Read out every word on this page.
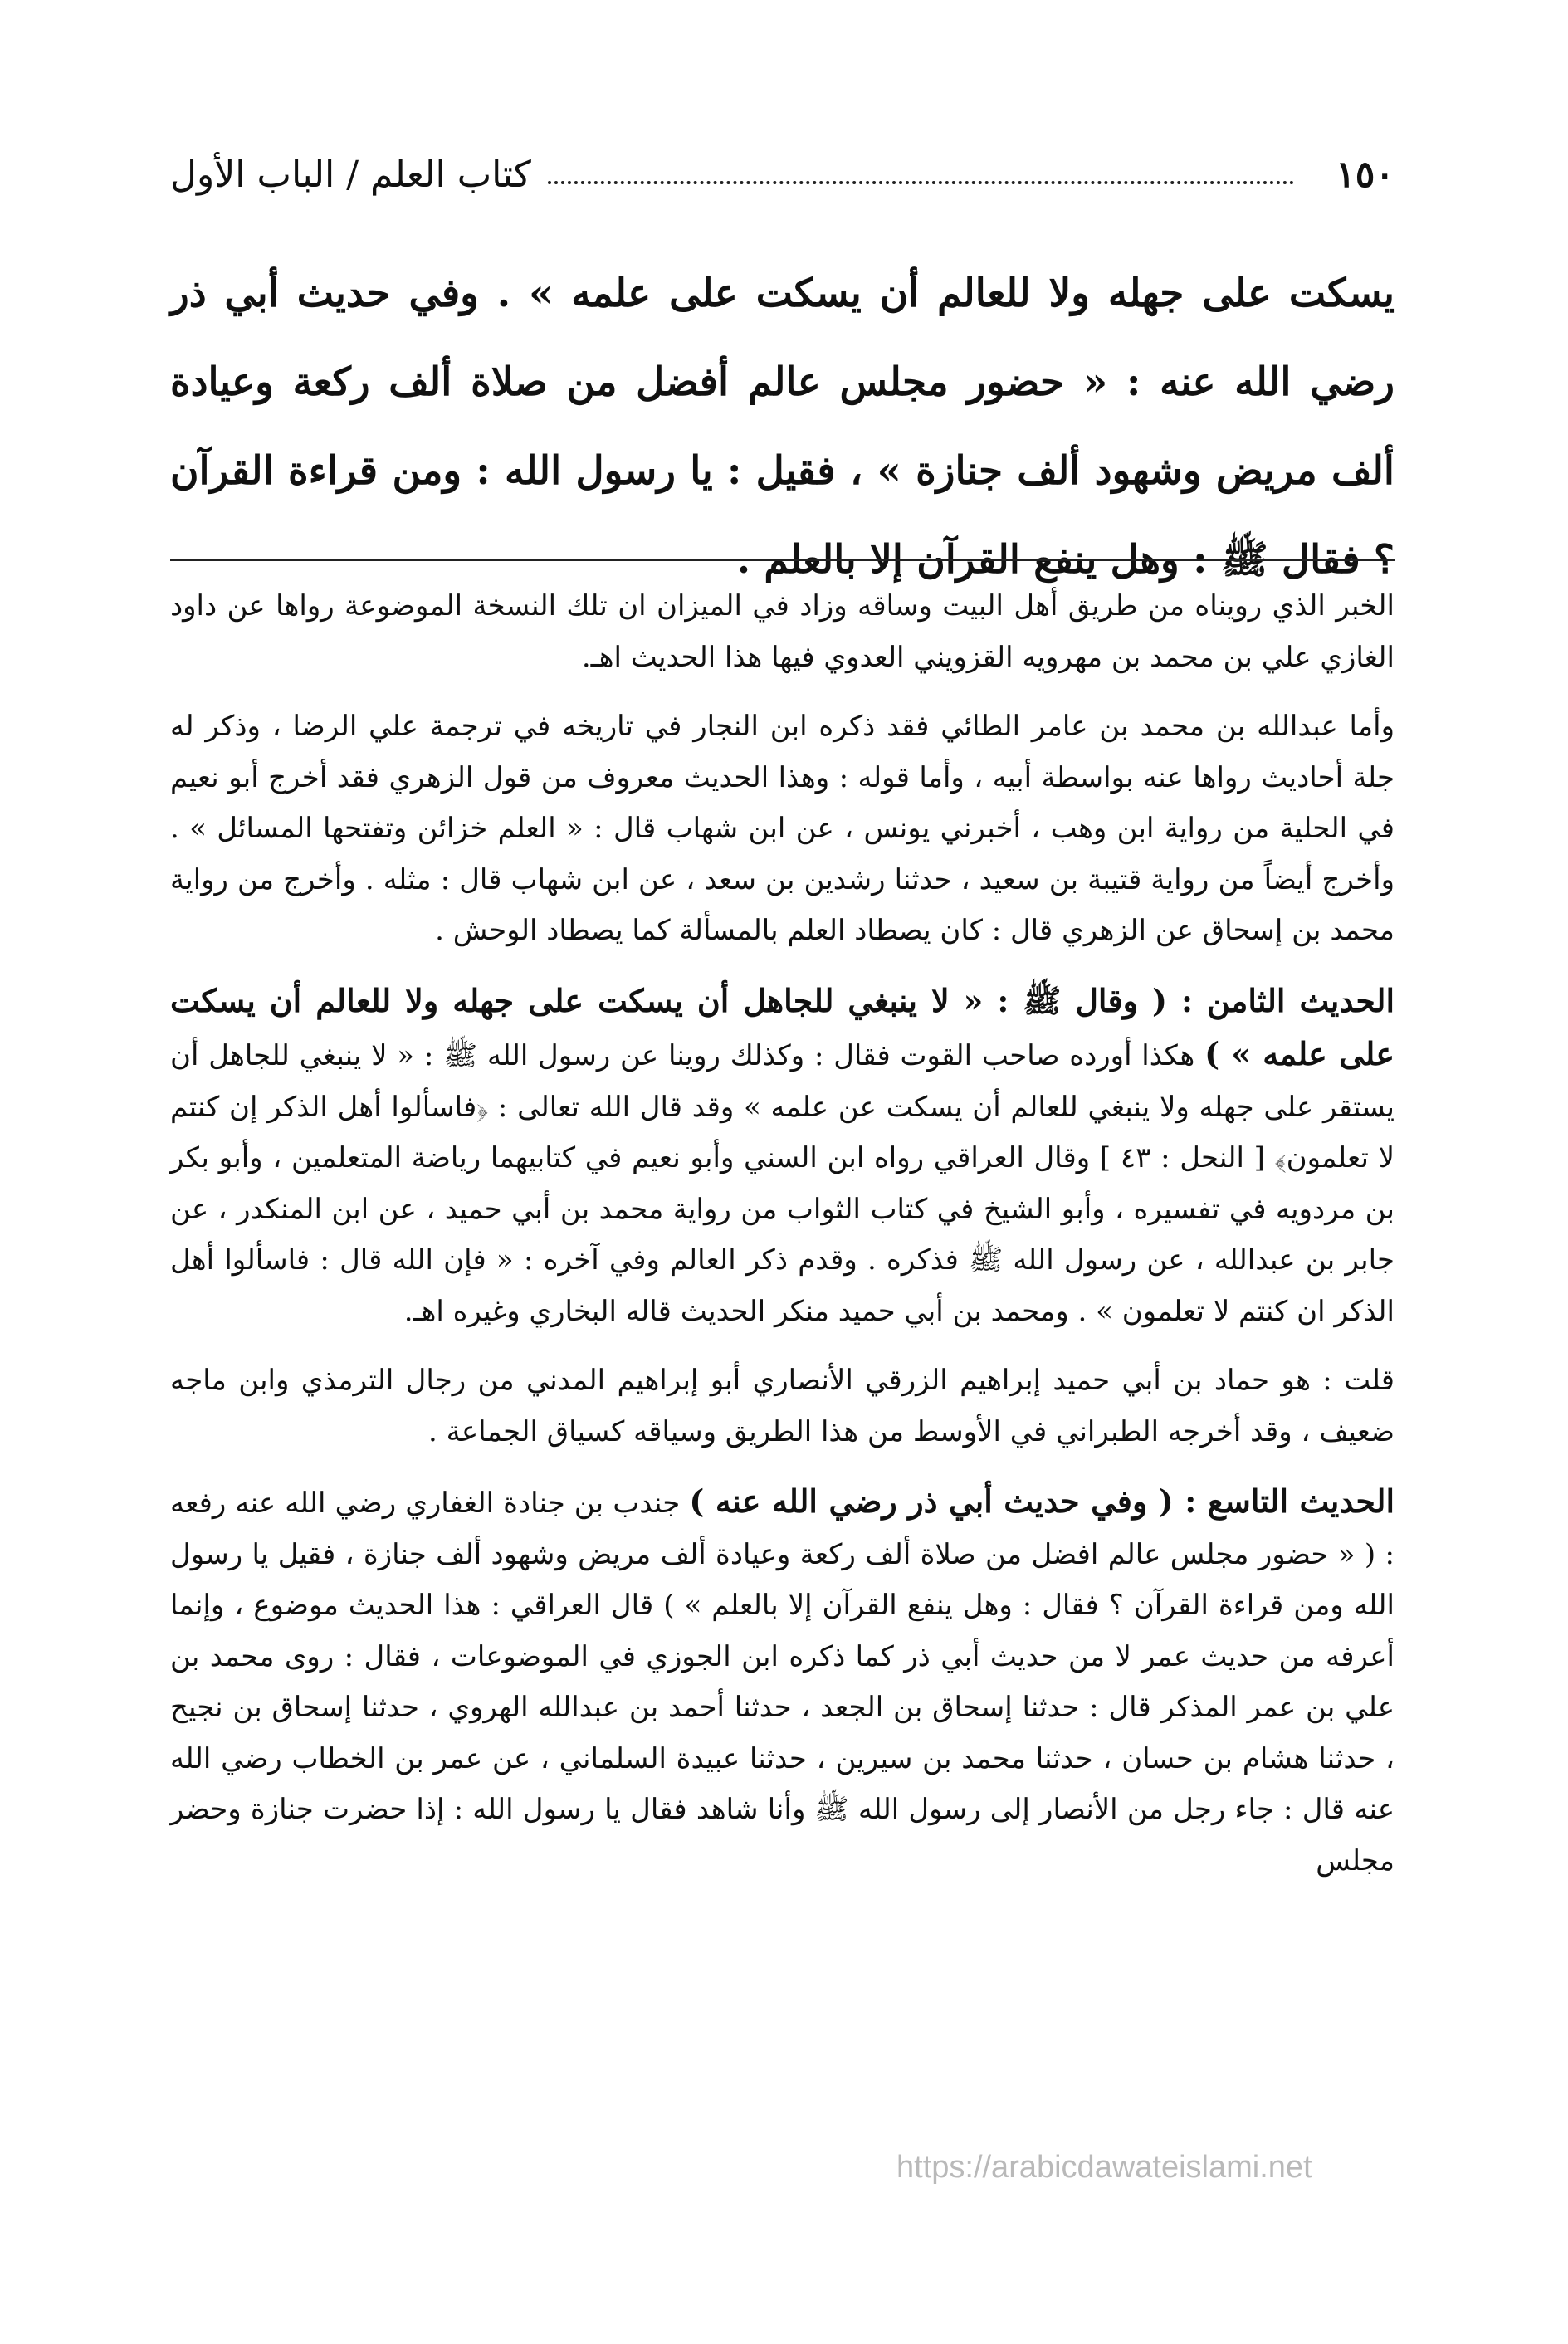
١٥٠
كتاب العلم / الباب الأول

يسكت على جهله ولا للعالم أن يسكت على علمه » . وفي حديث أبي ذر رضي الله عنه : « حضور مجلس عالم أفضل من صلاة ألف ركعة وعيادة ألف مريض وشهود ألف جنازة » ، فقيل : يا رسول الله : ومن قراءة القرآن ؟ فقال ﷺ : وهل ينفع القرآن إلا بالعلم .

الخبر الذي رويناه من طريق أهل البيت وساقه وزاد في الميزان ان تلك النسخة الموضوعة رواها عن داود الغازي علي بن محمد بن مهرويه القزويني العدوي فيها هذا الحديث اهـ.

وأما عبدالله بن محمد بن عامر الطائي فقد ذكره ابن النجار في تاريخه في ترجمة علي الرضا ، وذكر له جلة أحاديث رواها عنه بواسطة أبيه ، وأما قوله : وهذا الحديث معروف من قول الزهري فقد أخرج أبو نعيم في الحلية من رواية ابن وهب ، أخبرني يونس ، عن ابن شهاب قال : « العلم خزائن وتفتحها المسائل » . وأخرج أيضاً من رواية قتيبة بن سعيد ، حدثنا رشدين بن سعد ، عن ابن شهاب قال : مثله . وأخرج من رواية محمد بن إسحاق عن الزهري قال : كان يصطاد العلم بالمسألة كما يصطاد الوحش .

الحديث الثامن : ( وقال ﷺ : « لا ينبغي للجاهل أن يسكت على جهله ولا للعالم أن يسكت على علمه » ) هكذا أورده صاحب القوت فقال : وكذلك روينا عن رسول الله ﷺ : « لا ينبغي للجاهل أن يستقر على جهله ولا ينبغي للعالم أن يسكت عن علمه » وقد قال الله تعالى : ﴿فاسألوا أهل الذكر إن كنتم لا تعلمون﴾ [ النحل : ٤٣ ] وقال العراقي رواه ابن السني وأبو نعيم في كتابيهما رياضة المتعلمين ، وأبو بكر بن مردويه في تفسيره ، وأبو الشيخ في كتاب الثواب من رواية محمد بن أبي حميد ، عن ابن المنكدر ، عن جابر بن عبدالله ، عن رسول الله ﷺ فذكره . وقدم ذكر العالم وفي آخره : « فإن الله قال : فاسألوا أهل الذكر ان كنتم لا تعلمون » . ومحمد بن أبي حميد منكر الحديث قاله البخاري وغيره اهـ.

قلت : هو حماد بن أبي حميد إبراهيم الزرقي الأنصاري أبو إبراهيم المدني من رجال الترمذي وابن ماجه ضعيف ، وقد أخرجه الطبراني في الأوسط من هذا الطريق وسياقه كسياق الجماعة .

الحديث التاسع : ( وفي حديث أبي ذر رضي الله عنه ) جندب بن جنادة الغفاري رضي الله عنه رفعه : ( « حضور مجلس عالم افضل من صلاة ألف ركعة وعيادة ألف مريض وشهود ألف جنازة ، فقيل يا رسول الله ومن قراءة القرآن ؟ فقال : وهل ينفع القرآن إلا بالعلم » ) قال العراقي : هذا الحديث موضوع ، وإنما أعرفه من حديث عمر لا من حديث أبي ذر كما ذكره ابن الجوزي في الموضوعات ، فقال : روى محمد بن علي بن عمر المذكر قال : حدثنا إسحاق بن الجعد ، حدثنا أحمد بن عبدالله الهروي ، حدثنا إسحاق بن نجيح ، حدثنا هشام بن حسان ، حدثنا محمد بن سيرين ، حدثنا عبيدة السلماني ، عن عمر بن الخطاب رضي الله عنه قال : جاء رجل من الأنصار إلى رسول الله ﷺ وأنا شاهد فقال يا رسول الله : إذا حضرت جنازة وحضر مجلس

https://arabicdawateislami.net
